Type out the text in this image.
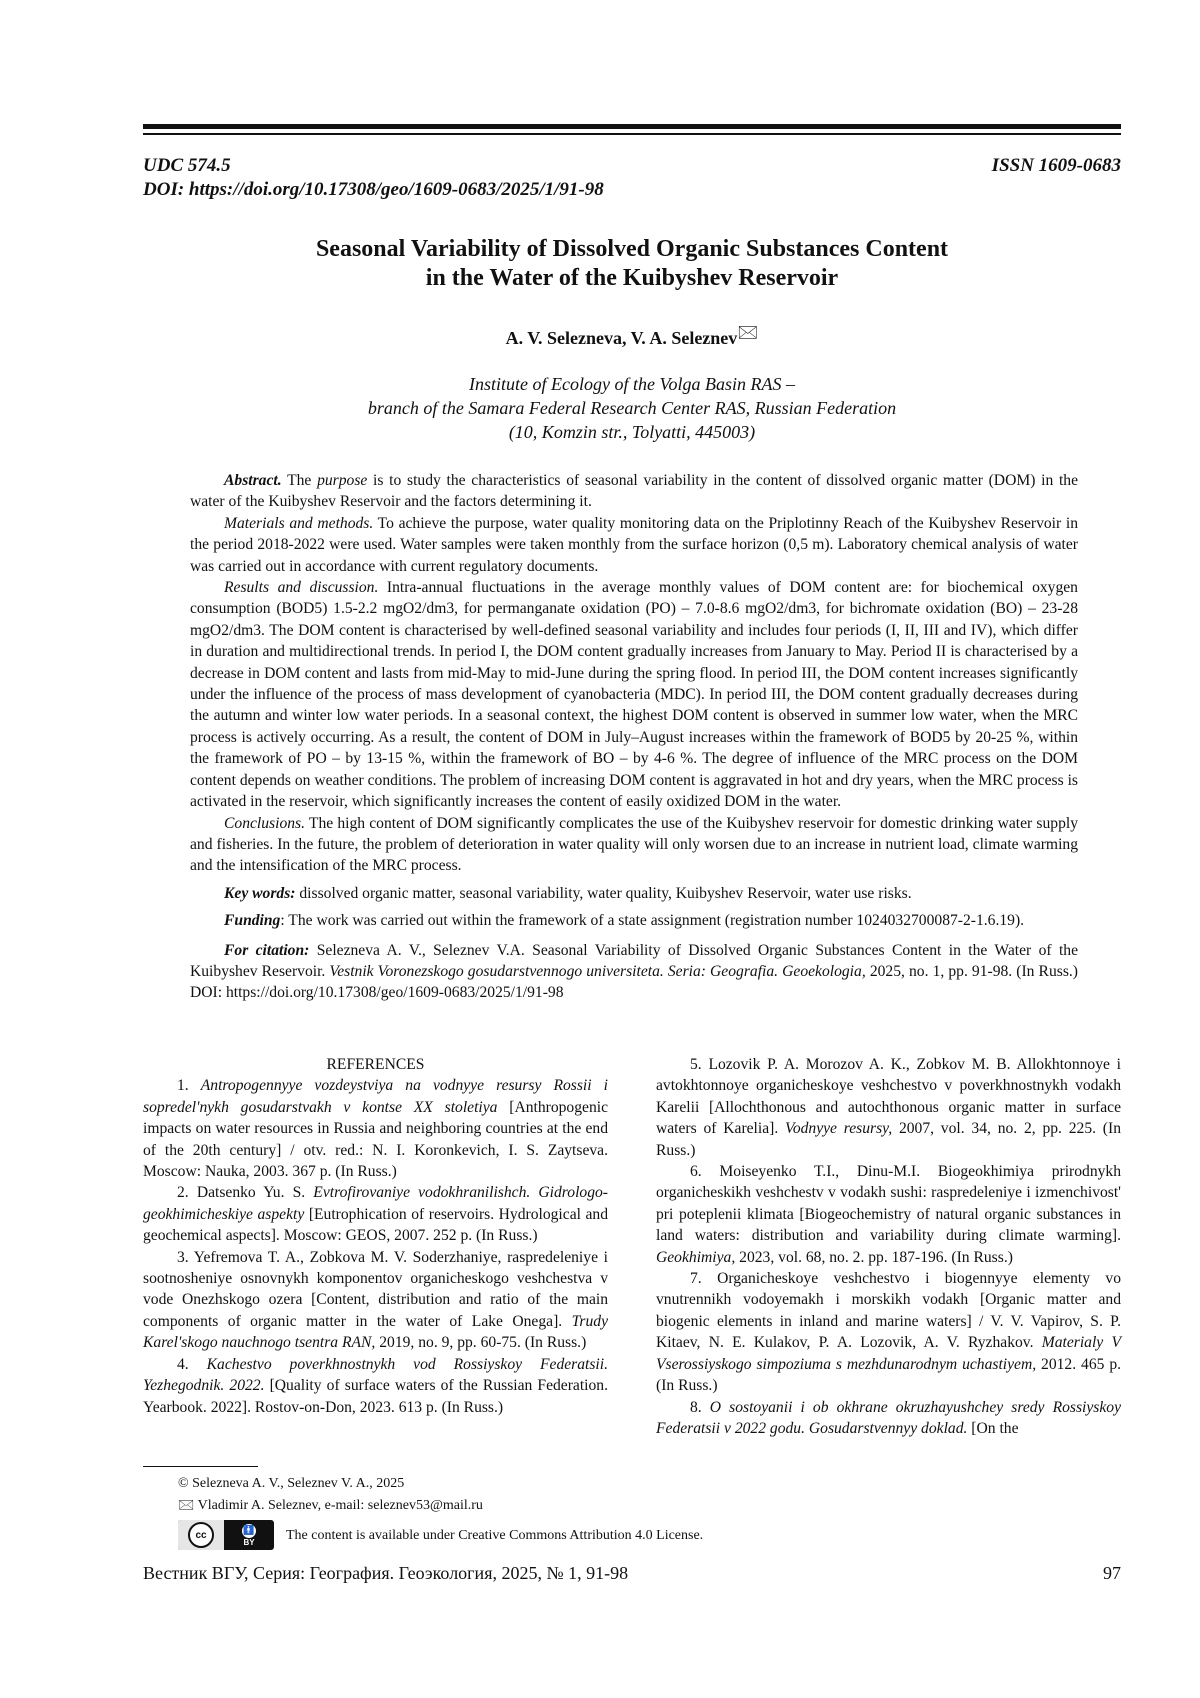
UDC 574.5
DOI: https://doi.org/10.17308/geo/1609-0683/2025/1/91-98
ISSN 1609-0683
Seasonal Variability of Dissolved Organic Substances Content
in the Water of the Kuibyshev Reservoir
A. V. Selezneva, V. A. Seleznev🖂
Institute of Ecology of the Volga Basin RAS –
branch of the Samara Federal Research Center RAS, Russian Federation
(10, Komzin str., Tolyatti, 445003)

Abstract. The purpose is to study the characteristics of seasonal variability in the content of dissolved organic matter (DOM) in the water of the Kuibyshev Reservoir and the factors determining it.

Materials and methods. To achieve the purpose, water quality monitoring data on the Priplotinny Reach of the Kuibyshev Reservoir in the period 2018-2022 were used. Water samples were taken monthly from the surface horizon (0,5 m). Laboratory chemical analysis of water was carried out in accordance with current regulatory documents.

Results and discussion. Intra-annual fluctuations in the average monthly values of DOM content are: for biochemical oxygen consumption (BOD5) 1.5-2.2 mgO2/dm3, for permanganate oxidation (PO) – 7.0-8.6 mgO2/dm3, for bichromate oxidation (BO) – 23-28 mgO2/dm3. The DOM content is characterised by well-defined seasonal variability and includes four periods (I, II, III and IV), which differ in duration and multidirectional trends. In period I, the DOM content gradually increases from January to May. Period II is characterised by a decrease in DOM content and lasts from mid-May to mid-June during the spring flood. In period III, the DOM content increases significantly under the influence of the process of mass development of cyanobacteria (MDC). In period III, the DOM content gradually decreases during the autumn and winter low water periods. In a seasonal context, the highest DOM content is observed in summer low water, when the MRC process is actively occurring. As a result, the content of DOM in July–August increases within the framework of BOD5 by 20-25 %, within the framework of PO – by 13-15 %, within the framework of BO – by 4-6 %. The degree of influence of the MRC process on the DOM content depends on weather conditions. The problem of increasing DOM content is aggravated in hot and dry years, when the MRC process is activated in the reservoir, which significantly increases the content of easily oxidized DOM in the water.

Conclusions. The high content of DOM significantly complicates the use of the Kuibyshev reservoir for domestic drinking water supply and fisheries. In the future, the problem of deterioration in water quality will only worsen due to an increase in nutrient load, climate warming and the intensification of the MRC process.

Key words: dissolved organic matter, seasonal variability, water quality, Kuibyshev Reservoir, water use risks.

Funding: The work was carried out within the framework of a state assignment (registration number 1024032700087-2-1.6.19).

For citation: Selezneva A. V., Seleznev V.A. Seasonal Variability of Dissolved Organic Substances Content in the Water of the Kuibyshev Reservoir. Vestnik Voronezskogo gosudarstvennogo universiteta. Seria: Geografia. Geoekologia, 2025, no. 1, pp. 91-98. (In Russ.) DOI: https://doi.org/10.17308/geo/1609-0683/2025/1/91-98

REFERENCES

1. Antropogennyye vozdeystviya na vodnyye resursy Rossii i sopredel'nykh gosudarstvakh v kontse XX stoletiya [Anthropogenic impacts on water resources in Russia and neighboring countries at the end of the 20th century] / otv. red.: N. I. Koronkevich, I. S. Zaytseva. Moscow: Nauka, 2003. 367 p. (In Russ.)

2. Datsenko Yu. S. Evtrofirovaniye vodokhranilishch. Gidrologo-geokhimicheskiye aspekty [Eutrophication of reservoirs. Hydrological and geochemical aspects]. Moscow: GEOS, 2007. 252 p. (In Russ.)

3. Yefremova T. A., Zobkova M. V. Soderzhaniye, raspredeleniye i sootnosheniye osnovnykh komponentov organicheskogo veshchestva v vode Onezhskogo ozera [Content, distribution and ratio of the main components of organic matter in the water of Lake Onega]. Trudy Karel'skogo nauchnogo tsentra RAN, 2019, no. 9, pp. 60-75. (In Russ.)

4. Kachestvo poverkhnostnykh vod Rossiyskoy Federatsii. Yezhegodnik. 2022. [Quality of surface waters of the Russian Federation. Yearbook. 2022]. Rostov-on-Don, 2023. 613 p. (In Russ.)

5. Lozovik P. A. Morozov A. K., Zobkov M. B. Allokhtonnoye i avtokhtonnoye organicheskoye veshchestvo v poverkhnostnykh vodakh Karelii [Allochthonous and autochthonous organic matter in surface waters of Karelia]. Vodnyye resursy, 2007, vol. 34, no. 2, pp. 225. (In Russ.)

6. Moiseyenko T.I., Dinu-M.I. Biogeokhimiya prirodnykh organicheskikh veshchestv v vodakh sushi: raspredeleniye i izmenchivost' pri poteplenii klimata [Biogeochemistry of natural organic substances in land waters: distribution and variability during climate warming]. Geokhimiya, 2023, vol. 68, no. 2. pp. 187-196. (In Russ.)

7. Organicheskoye veshchestvo i biogennyye elementy vo vnutrennikh vodoyemakh i morskikh vodakh [Organic matter and biogenic elements in inland and marine waters] / V. V. Vapirov, S. P. Kitaev, N. E. Kulakov, P. A. Lozovik, A. V. Ryzhakov. Materialy V Vserossiyskogo simpoziuma s mezhdunarodnym uchastiyem, 2012. 465 p. (In Russ.)

8. O sostoyanii i ob okhrane okruzhayushchey sredy Rossiyskoy Federatsii v 2022 godu. Gosudarstvennyy doklad. [On the

© Selezneva A. V., Seleznev V. A., 2025
🖂 Vladimir A. Seleznev, e-mail: seleznev53@mail.ru
cc	🚹
BY The content is available under Creative Commons Attribution 4.0 License.
Вестник ВГУ, Серия: География. Геоэкология, 2025, № 1, 91-98	97
